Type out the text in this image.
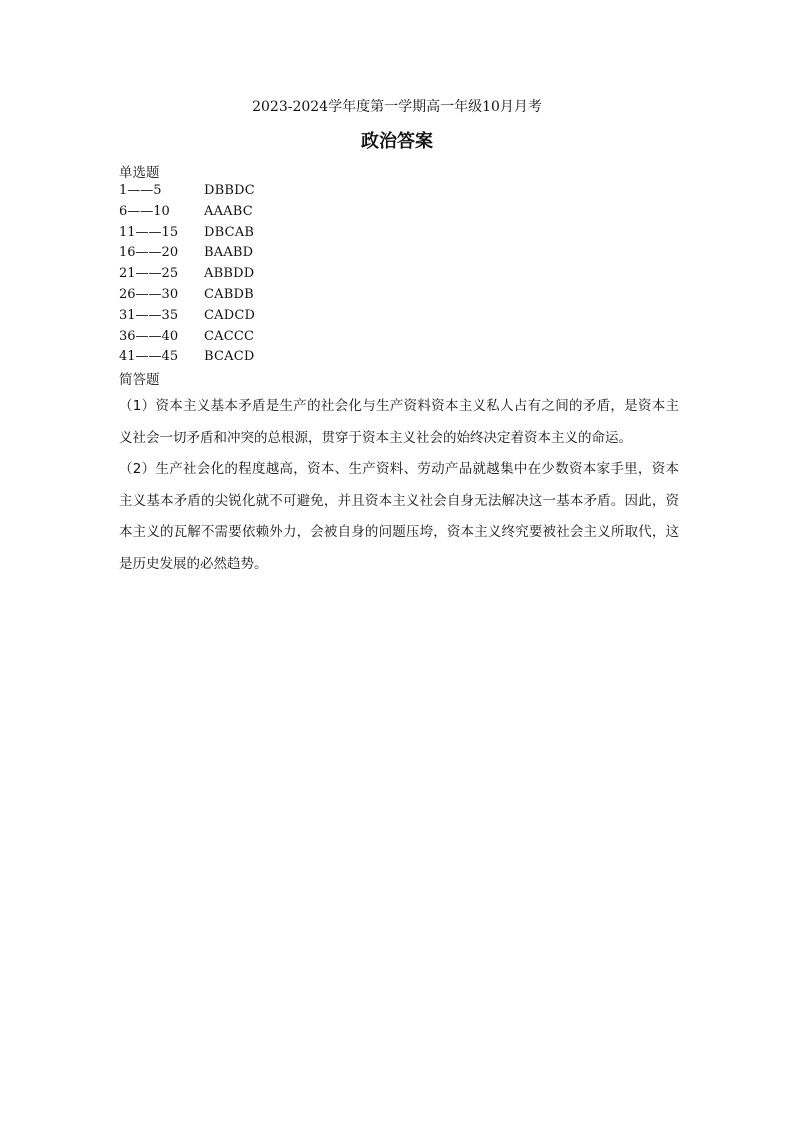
2023-2024学年度第一学期高一年级10月月考
政治答案
单选题
1——5	DBBDC
6——10	AAABC
11——15 DBCAB
16——20 BAABD
21——25 ABBDD
26——30 CABDB
31——35 CADCD
36——40 CACCC
41——45 BCACD
简答题

（1）资本主义基本矛盾是生产的社会化与生产资料资本主义私人占有之间的矛盾，是资本主义社会一切矛盾和冲突的总根源，贯穿于资本主义社会的始终决定着资本主义的命运。

（2）生产社会化的程度越高，资本、生产资料、劳动产品就越集中在少数资本家手里，资本主义基本矛盾的尖锐化就不可避免，并且资本主义社会自身无法解决这一基本矛盾。因此，资本主义的瓦解不需要依赖外力，会被自身的问题压垮，资本主义终究要被社会主义所取代，这是历史发展的必然趋势。
